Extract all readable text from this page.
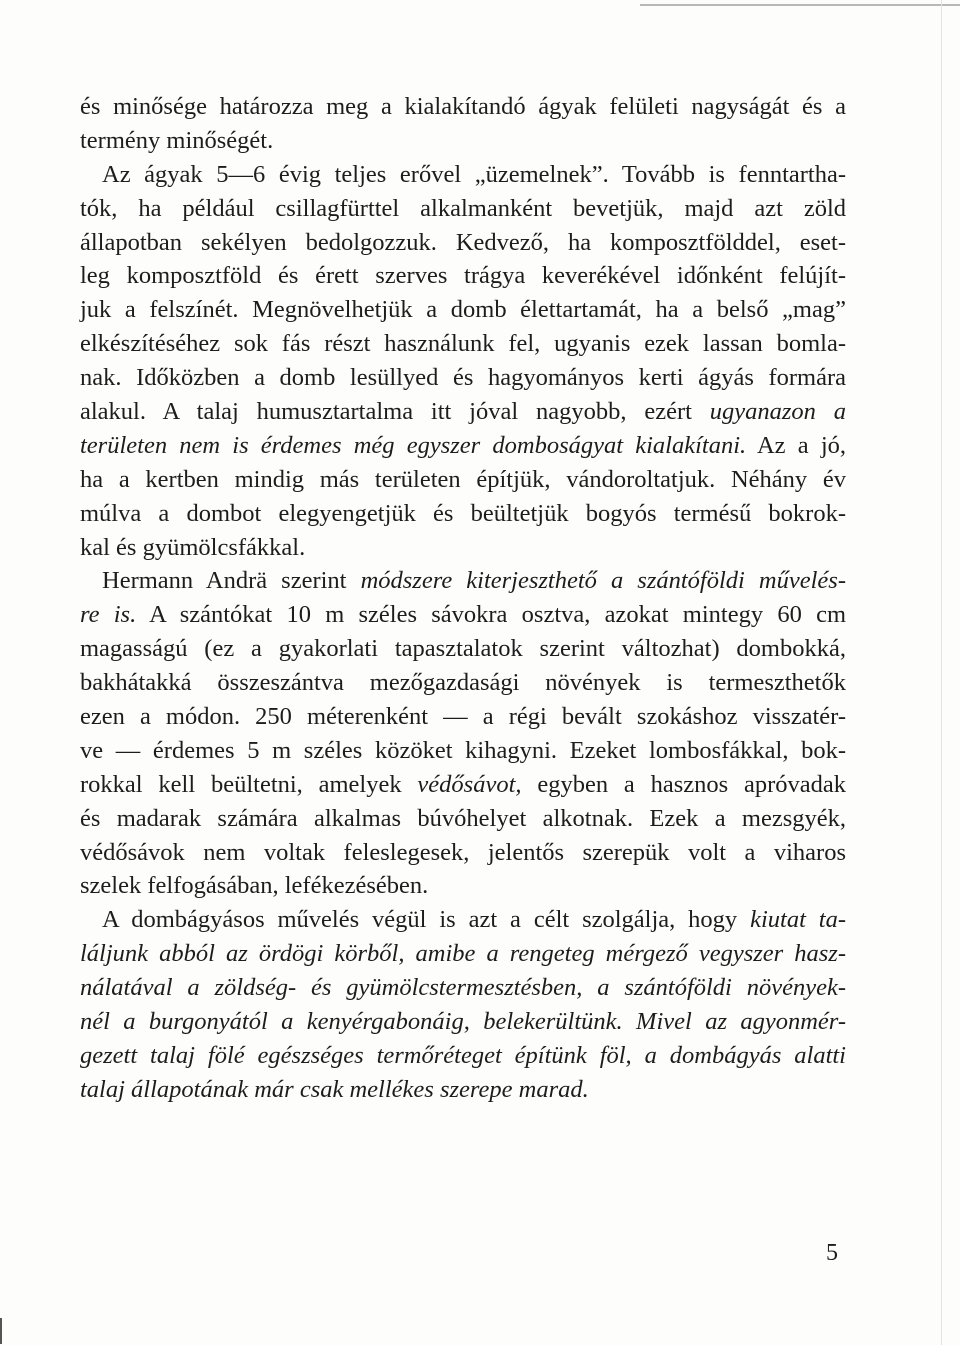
és minősége határozza meg a kialakítandó ágyak felületi nagyságát és a
termény minőségét.
Az ágyak 5—6 évig teljes erővel „üzemelnek”. Tovább is fenntartha-
tók, ha például csillagfürttel alkalmanként bevetjük, majd azt zöld
állapotban sekélyen bedolgozzuk. Kedvező, ha komposztfölddel, eset-
leg komposztföld és érett szerves trágya keverékével időnként felújít-
juk a felszínét. Megnövelhetjük a domb élettartamát, ha a belső „mag”
elkészítéséhez sok fás részt használunk fel, ugyanis ezek lassan bomla-
nak. Időközben a domb lesüllyed és hagyományos kerti ágyás formára
alakul. A talaj humusztartalma itt jóval nagyobb, ezért ugyanazon a
területen nem is érdemes még egyszer domboságyat kialakítani. Az a jó,
ha a kertben mindig más területen építjük, vándoroltatjuk. Néhány év
múlva a dombot elegyengetjük és beültetjük bogyós termésű bokrok-
kal és gyümölcsfákkal.
Hermann Andrä szerint módszere kiterjeszthető a szántóföldi művelés-
re is. A szántókat 10 m széles sávokra osztva, azokat mintegy 60 cm
magasságú (ez a gyakorlati tapasztalatok szerint változhat) dombokká,
bakhátakká összeszántva mezőgazdasági növények is termeszthetők
ezen a módon. 250 méterenként — a régi bevált szokáshoz visszatér-
ve — érdemes 5 m széles közöket kihagyni. Ezeket lombosfákkal, bok-
rokkal kell beültetni, amelyek védősávot, egyben a hasznos apróvadak
és madarak számára alkalmas búvóhelyet alkotnak. Ezek a mezsgyék,
védősávok nem voltak feleslegesek, jelentős szerepük volt a viharos
szelek felfogásában, lefékezésében.
A dombágyásos művelés végül is azt a célt szolgálja, hogy kiutat ta-
láljunk abból az ördögi körből, amibe a rengeteg mérgező vegyszer hasz-
nálatával a zöldség- és gyümölcstermesztésben, a szántóföldi növények-
nél a burgonyától a kenyérgabonáig, belekerültünk. Mivel az agyonmér-
gezett talaj fölé egészséges termőréteget építünk föl, a dombágyás alatti
talaj állapotának már csak mellékes szerepe marad.
5
